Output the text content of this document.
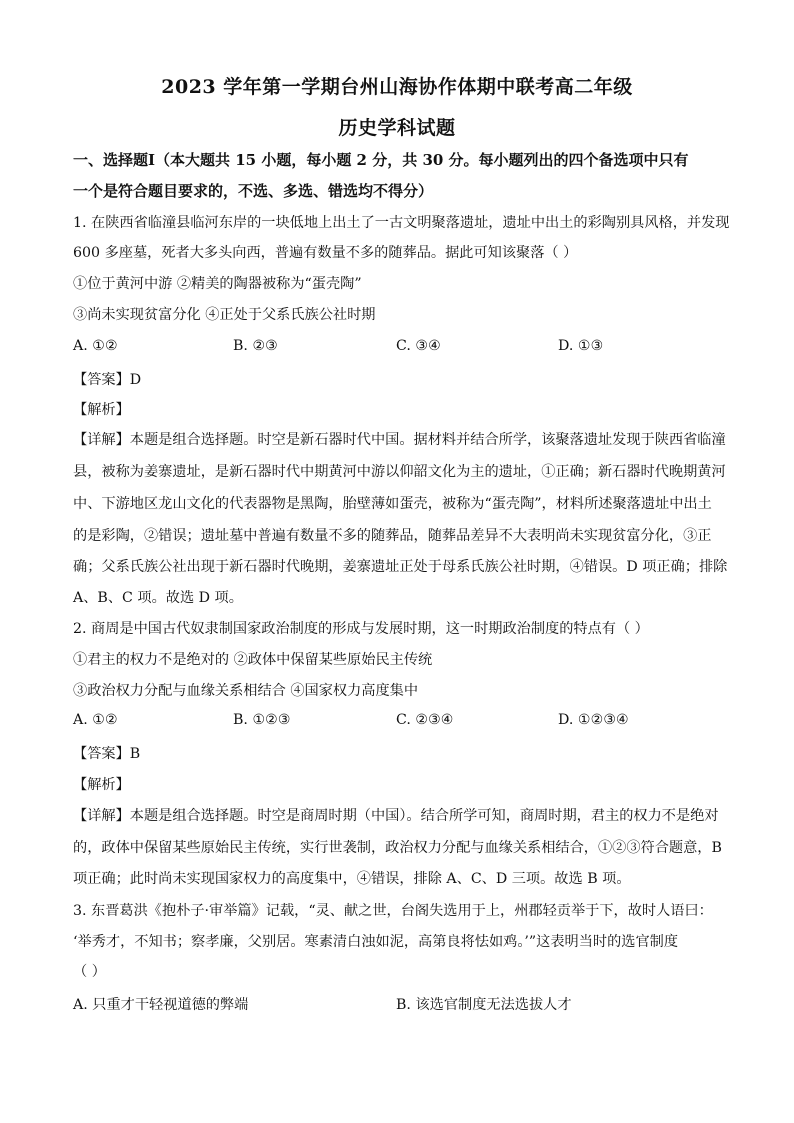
2023 学年第一学期台州山海协作体期中联考高二年级
历史学科试题
一、选择题Ⅰ（本大题共 15 小题，每小题 2 分，共 30 分。每小题列出的四个备选项中只有
一个是符合题目要求的，不选、多选、错选均不得分）
1. 在陕西省临潼县临河东岸的一块低地上出土了一古文明聚落遗址，遗址中出土的彩陶别具风格，并发现
600 多座墓，死者大多头向西，普遍有数量不多的随葬品。据此可知该聚落（ ）
①位于黄河中游 ②精美的陶器被称为“蛋壳陶”
③尚未实现贫富分化 ④正处于父系氏族公社时期
A. ①②	B. ②③	C. ③④	D. ①③
【答案】D
【解析】
【详解】本题是组合选择题。时空是新石器时代中国。据材料并结合所学，该聚落遗址发现于陕西省临潼
县，被称为姜寨遗址，是新石器时代中期黄河中游以仰韶文化为主的遗址，①正确；新石器时代晚期黄河
中、下游地区龙山文化的代表器物是黑陶，胎壁薄如蛋壳，被称为“蛋壳陶”，材料所述聚落遗址中出土
的是彩陶，②错误；遗址墓中普遍有数量不多的随葬品，随葬品差异不大表明尚未实现贫富分化，③正
确；父系氏族公社出现于新石器时代晚期，姜寨遗址正处于母系氏族公社时期，④错误。D 项正确；排除
A、B、C 项。故选 D 项。
2. 商周是中国古代奴隶制国家政治制度的形成与发展时期，这一时期政治制度的特点有（ ）
①君主的权力不是绝对的 ②政体中保留某些原始民主传统
③政治权力分配与血缘关系相结合 ④国家权力高度集中
A. ①②	B. ①②③	C. ②③④	D. ①②③④
【答案】B
【解析】
【详解】本题是组合选择题。时空是商周时期（中国）。结合所学可知，商周时期，君主的权力不是绝对
的，政体中保留某些原始民主传统，实行世袭制，政治权力分配与血缘关系相结合，①②③符合题意，B
项正确；此时尚未实现国家权力的高度集中，④错误，排除 A、C、D 三项。故选 B 项。
3. 东晋葛洪《抱朴子·审举篇》记载，“灵、献之世，台阁失选用于上，州郡轻贡举于下，故时人语曰：
‘举秀才，不知书；察孝廉，父别居。寒素清白浊如泥，高第良将怯如鸡。’”这表明当时的选官制度
（ ）
A. 只重才干轻视道德的弊端	B. 该选官制度无法选拔人才
